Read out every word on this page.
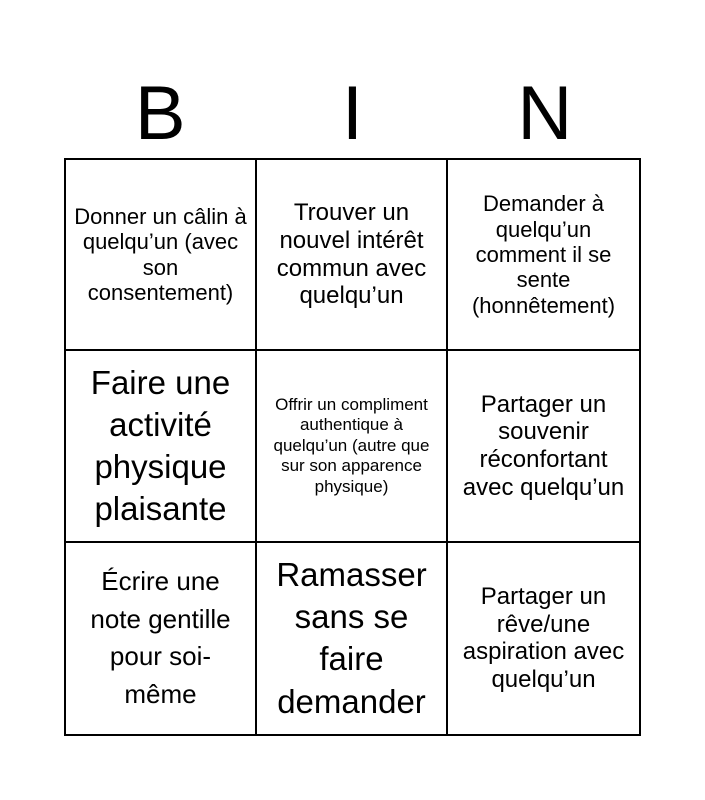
B	I	N
Donner un câlin à quelqu’un (avec son consentement)
Trouver un nouvel intérêt commun avec quelqu’un
Demander à quelqu’un comment il se sente (honnêtement)
Faire une activité physique plaisante
Offrir un compliment authentique à quelqu’un (autre que sur son apparence physique)
Partager un souvenir réconfortant avec quelqu’un
Écrire une note gentille pour soi-même
Ramasser sans se faire demander
Partager un rêve/une aspiration avec quelqu’un
